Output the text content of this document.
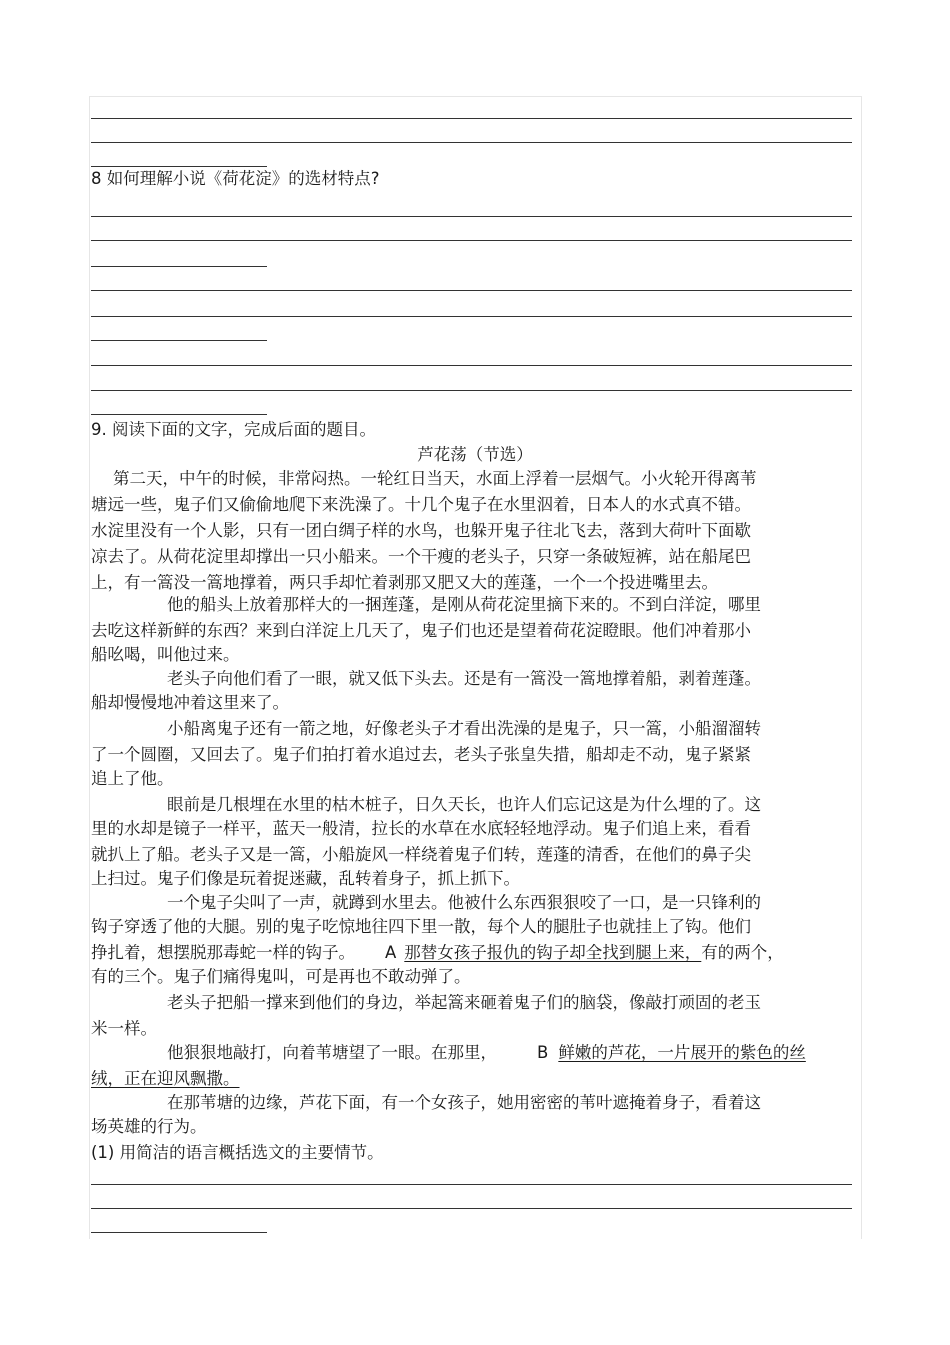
8 如何理解小说《荷花淀》的选材特点?

9. 阅读下面的文字，完成后面的题目。

芦花荡（节选）

第二天，中午的时候，非常闷热。一轮红日当天，水面上浮着一层烟气。小火轮开得离苇

塘远一些，鬼子们又偷偷地爬下来洗澡了。十几个鬼子在水里泅着，日本人的水式真不错。

水淀里没有一个人影，只有一团白绸子样的水鸟，也躲开鬼子往北飞去，落到大荷叶下面歇

凉去了。从荷花淀里却撑出一只小船来。一个干瘦的老头子，只穿一条破短裤，站在船尾巴

上，有一篙没一篙地撑着，两只手却忙着剥那又肥又大的莲蓬，一个一个投进嘴里去。

他的船头上放着那样大的一捆莲蓬，是刚从荷花淀里摘下来的。不到白洋淀，哪里

去吃这样新鲜的东西？来到白洋淀上几天了，鬼子们也还是望着荷花淀瞪眼。他们冲着那小

船吆喝，叫他过来。

老头子向他们看了一眼，就又低下头去。还是有一篙没一篙地撑着船，剥着莲蓬。

船却慢慢地冲着这里来了。

小船离鬼子还有一箭之地，好像老头子才看出洗澡的是鬼子，只一篙，小船溜溜转

了一个圆圈，又回去了。鬼子们拍打着水追过去，老头子张皇失措，船却走不动，鬼子紧紧

追上了他。

眼前是几根埋在水里的枯木桩子，日久天长，也许人们忘记这是为什么埋的了。这

里的水却是镜子一样平，蓝天一般清，拉长的水草在水底轻轻地浮动。鬼子们追上来，看看

就扒上了船。老头子又是一篙，小船旋风一样绕着鬼子们转，莲蓬的清香，在他们的鼻子尖

上扫过。鬼子们像是玩着捉迷藏，乱转着身子，抓上抓下。

一个鬼子尖叫了一声，就蹲到水里去。他被什么东西狠狠咬了一口，是一只锋利的

钩子穿透了他的大腿。别的鬼子吃惊地往四下里一散，每个人的腿肚子也就挂上了钩。他们

挣扎着，想摆脱那毒蛇一样的钩子。 A 那替女孩子报仇的钩子却全找到腿上来，有的两个，

有的三个。鬼子们痛得鬼叫，可是再也不敢动弹了。

老头子把船一撑来到他们的身边，举起篙来砸着鬼子们的脑袋，像敲打顽固的老玉

米一样。

他狠狠地敲打，向着苇塘望了一眼。在那里， B 鲜嫩的芦花，一片展开的紫色的丝

绒，正在迎风飘撒。

在那苇塘的边缘，芦花下面，有一个女孩子，她用密密的苇叶遮掩着身子，看着这

场英雄的行为。

(1) 用简洁的语言概括选文的主要情节。
